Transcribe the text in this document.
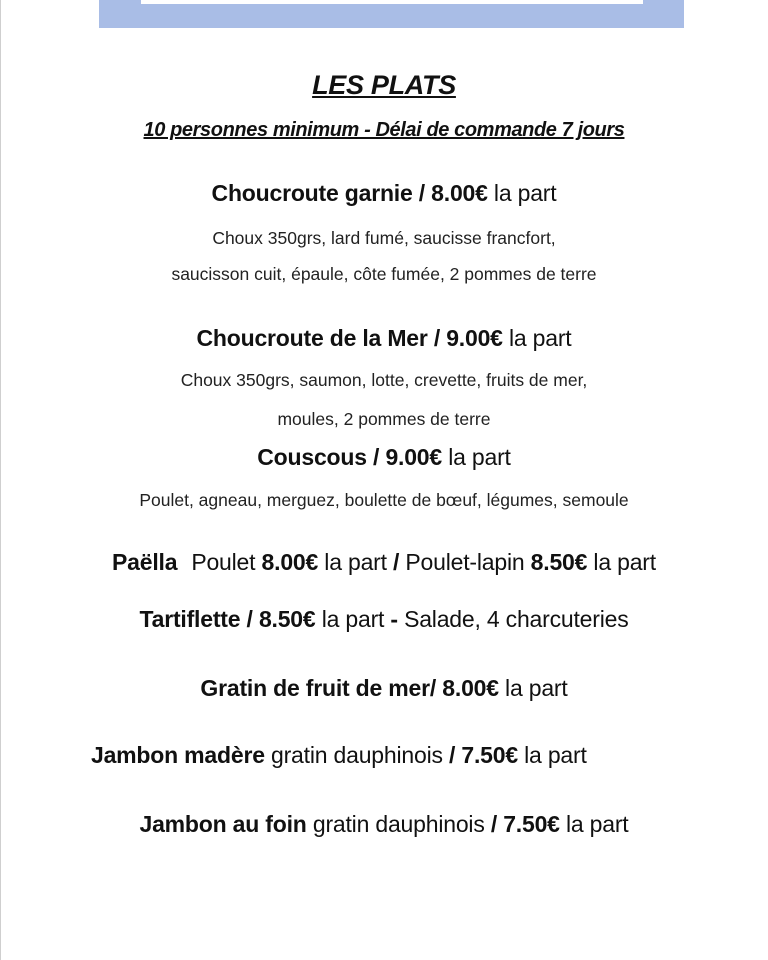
LES PLATS
10 personnes minimum - Délai de commande 7 jours
Choucroute garnie / 8.00€ la part
Choux 350grs, lard fumé, saucisse francfort,
saucisson cuit, épaule, côte fumée, 2 pommes de terre
Choucroute de la Mer / 9.00€ la part
Choux 350grs, saumon, lotte, crevette, fruits de mer,
moules, 2 pommes de terre
Couscous / 9.00€ la part
Poulet, agneau, merguez, boulette de bœuf, légumes, semoule
Paëlla Poulet 8.00€ la part / Poulet-lapin 8.50€ la part
Tartiflette / 8.50€ la part - Salade, 4 charcuteries
Gratin de fruit de mer/ 8.00€ la part
Jambon madère gratin dauphinois / 7.50€ la part
Jambon au foin gratin dauphinois / 7.50€ la part
